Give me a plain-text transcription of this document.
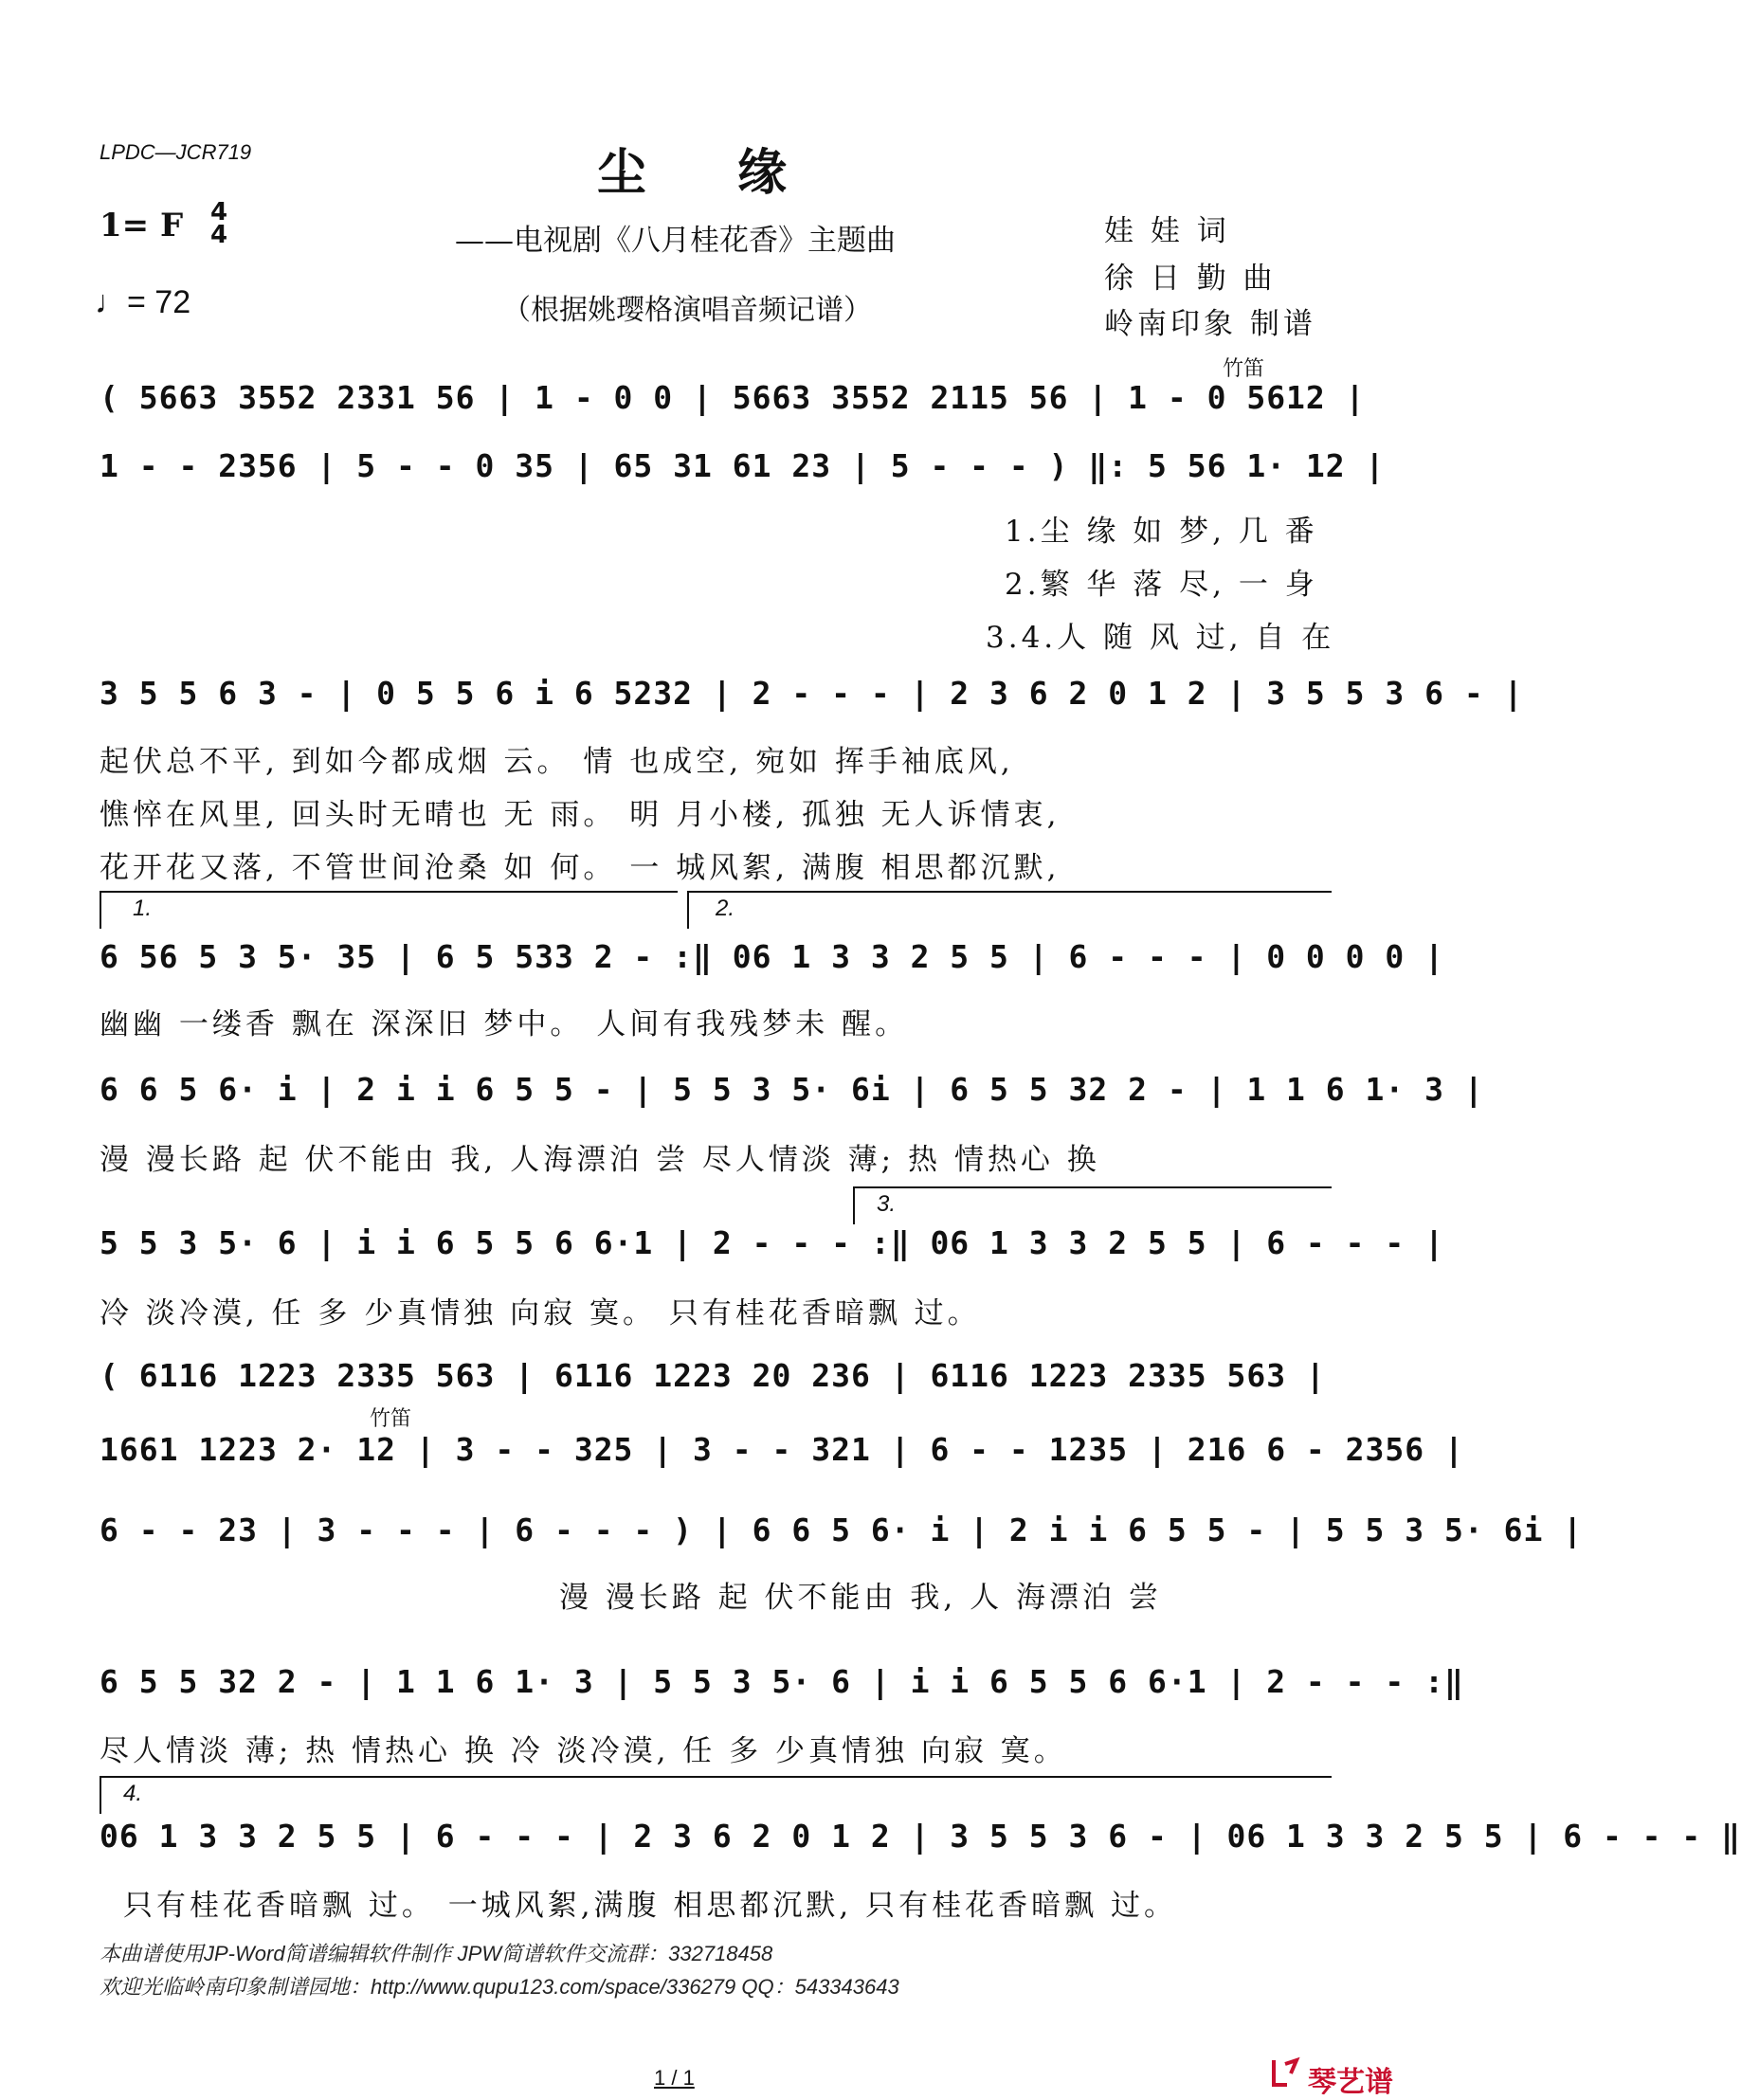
LPDC—JCR719	尘缘
1= F 4
4
♩= 72
——电视剧《八月桂花香》主题曲
（根据姚璎格演唱音频记谱）
娃 娃 词
徐 日 勤 曲
岭南印象 制谱
竹笛
( 5663 3552 2331 56 | 1 - 0 0 | 5663 3552 2115 56 | 1 - 0 5612 |
1 - - 2356 | 5 - - 0 35 | 65 31 61 23 | 5 - - - ) ‖: 5 56 1· 12 |
1.尘 缘 如 梦, 几 番
2.繁 华 落 尽, 一 身
3.4.人 随 风 过, 自 在
3 5 5 6 3 - | 0 5 5 6 i 6 5232 | 2 - - - | 2 3 6 2 0 1 2 | 3 5 5 3 6 - |
起伏总不平, 到如今都成烟 云。 情 也成空, 宛如 挥手袖底风,
憔悴在风里, 回头时无晴也 无 雨。 明 月小楼, 孤独 无人诉情衷,
花开花又落, 不管世间沧桑 如 何。 一 城风絮, 满腹 相思都沉默,
1.	2.
6 56 5 3 5· 35 | 6 5 533 2 - :‖ 06 1 3 3 2 5 5 | 6 - - - | 0 0 0 0 |
幽幽 一缕香 飘在 深深旧 梦中。 人间有我残梦未 醒。
6 6 5 6· i | 2 i i 6 5 5 - | 5 5 3 5· 6i | 6 5 5 32 2 - | 1 1 6 1· 3 |
漫 漫长路 起 伏不能由 我, 人海漂泊 尝 尽人情淡 薄; 热 情热心 换
3.
5 5 3 5· 6 | i i 6 5 5 6 6·1 | 2 - - - :‖ 06 1 3 3 2 5 5 | 6 - - - |
冷 淡冷漠, 任 多 少真情独 向寂 寞。 只有桂花香暗飘 过。
( 6116 1223 2335 563 | 6116 1223 20 236 | 6116 1223 2335 563 |
竹笛
1661 1223 2· 12 | 3 - - 325 | 3 - - 321 | 6 - - 1235 | 216 6 - 2356 |
6 - - 23 | 3 - - - | 6 - - - ) | 6 6 5 6· i | 2 i i 6 5 5 - | 5 5 3 5· 6i |
漫 漫长路 起 伏不能由 我, 人 海漂泊 尝
6 5 5 32 2 - | 1 1 6 1· 3 | 5 5 3 5· 6 | i i 6 5 5 6 6·1 | 2 - - - :‖
尽人情淡 薄; 热 情热心 换 冷 淡冷漠, 任 多 少真情独 向寂 寞。
4.
06 1 3 3 2 5 5 | 6 - - - | 2 3 6 2 0 1 2 | 3 5 5 3 6 - | 06 1 3 3 2 5 5 | 6 - - - ‖
只有桂花香暗飘 过。 一城风絮,满腹 相思都沉默, 只有桂花香暗飘 过。
本曲谱使用JP-Word简谱编辑软件制作 JPW简谱软件交流群：332718458
欢迎光临岭南印象制谱园地：http://www.qupu123.com/space/336279 QQ：543343643
1 / 1	琴艺谱
